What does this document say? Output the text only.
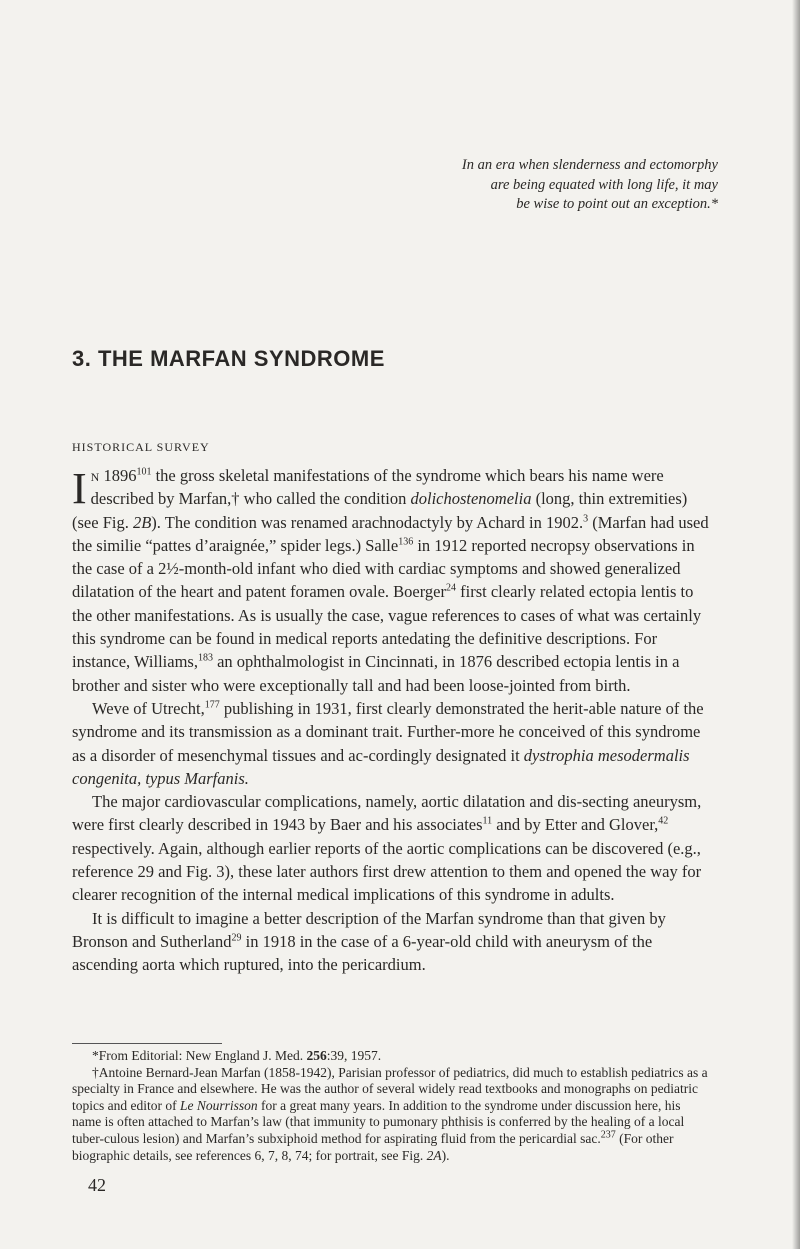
In an era when slenderness and ectomorphy
are being equated with long life, it may
be wise to point out an exception.*
3. THE MARFAN SYNDROME
HISTORICAL SURVEY

In 1896$^{101}$ the gross skeletal manifestations of the syndrome which bears his name were described by Marfan,† who called the condition dolichostenomelia (long, thin extremities) (see Fig. 2B). The condition was renamed arachnodactyly by Achard in 1902.$^3$ (Marfan had used the similie “pattes d’araignée,” spider legs.) Salle$^{136}$ in 1912 reported necropsy observations in the case of a 2½-month-old infant who died with cardiac symptoms and showed generalized dilatation of the heart and patent foramen ovale. Boerger$^{24}$ first clearly related ectopia lentis to the other manifestations. As is usually the case, vague references to cases of what was certainly this syndrome can be found in medical reports antedating the definitive descriptions. For instance, Williams,$^{183}$ an ophthalmologist in Cincinnati, in 1876 described ectopia lentis in a brother and sister who were exceptionally tall and had been loose-jointed from birth.

Weve of Utrecht,$^{177}$ publishing in 1931, first clearly demonstrated the herit-able nature of the syndrome and its transmission as a dominant trait. Further-more he conceived of this syndrome as a disorder of mesenchymal tissues and ac-cordingly designated it dystrophia mesodermalis congenita, typus Marfanis.

The major cardiovascular complications, namely, aortic dilatation and dis-secting aneurysm, were first clearly described in 1943 by Baer and his associates$^{11}$ and by Etter and Glover,$^{42}$ respectively. Again, although earlier reports of the aortic complications can be discovered (e.g., reference 29 and Fig. 3), these later authors first drew attention to them and opened the way for clearer recognition of the internal medical implications of this syndrome in adults.

It is difficult to imagine a better description of the Marfan syndrome than that given by Bronson and Sutherland$^{29}$ in 1918 in the case of a 6-year-old child with aneurysm of the ascending aorta which ruptured, into the pericardium.

*From Editorial: New England J. Med. 256:39, 1957.

†Antoine Bernard-Jean Marfan (1858-1942), Parisian professor of pediatrics, did much to establish pediatrics as a specialty in France and elsewhere. He was the author of several widely read textbooks and monographs on pediatric topics and editor of Le Nourrisson for a great many years. In addition to the syndrome under discussion here, his name is often attached to Marfan’s law (that immunity to pumonary phthisis is conferred by the healing of a local tuber-culous lesion) and Marfan’s subxiphoid method for aspirating fluid from the pericardial sac.$^{237}$ (For other biographic details, see references 6, 7, 8, 74; for portrait, see Fig. 2A).

42
